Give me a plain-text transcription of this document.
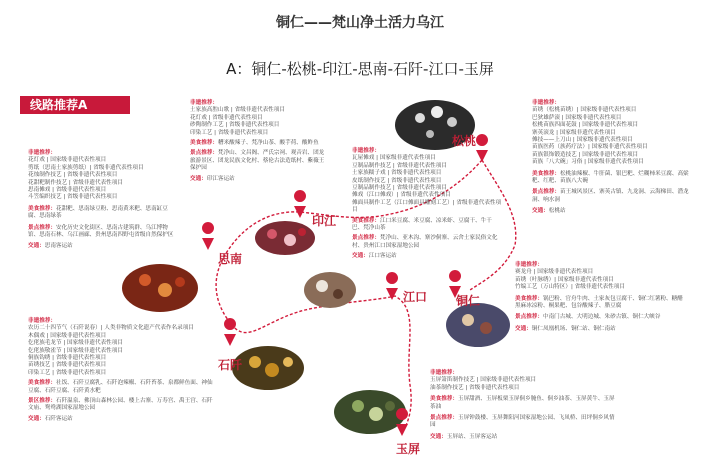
铜仁——梵山净土活力乌江
A：铜仁-松桃-印江-思南-石阡-江口-玉屏
线路推荐A
松桃
印江
思南
江口 铜仁
石阡
玉屏
非遗推荐：
土家族高腔山歌 | 省级非遗代表性项目
花灯戏 | 省级非遗代表性项目
砂陶制作工艺 | 省级非遗代表性项目
印染工艺 | 省级非遗代表性项目
美食推荐：糟米酸辣子、梵净山茶、酸芋荷、酸鲊鱼
景点推荐：梵净山、文昌阁、严氏宗祠、观音岩、团龙旅游景区、团龙民族文化村、蔡伦古法造纸村、紫薇王保护园
交通：印江客运站
非遗推荐：
花灯戏 | 国家级非遗代表性项目
剪纸（思南土家族剪纸）| 省级非遗代表性项目
花烛制作技艺 | 省级非遗代表性项目
花甜粑制作技艺 | 省级非遗代表性项目
思南傩戏 | 省级非遗代表性项目
斗笠编织技艺 | 省级非遗代表性项目
美食推荐：花甜粑、思南绿豆粉、思南黄米粑、思南缸豆腐、思南绿茶
景点推荐：安化历史文化街区、思南古建筑群、乌江博物馆、思南石林、乌江画廊、贵州思南四野屯省级自然保护区
交通：思南客运站
非遗推荐：
农历二十四节气（石阡说春）| 人类非物质文化遗产代表作名录项目
木偶戏 | 国家级非遗代表性项目
仡佬族毛龙节 | 国家级非遗代表性项目
仡佬族敬雀节 | 国家级非遗代表性项目
侗族钩绣 | 省级非遗代表性项目
苗绣技艺 | 省级非遗代表性项目
印染工艺 | 省级非遗代表性项目
美食推荐：社饭、石阡豆腐乳、石阡泡辣椒、石阡苔茶、泉都鲜鱼面、神仙豆腐、石阡豆腐、石阡黄水粑
景区推荐：石阡温泉、佛顶山森林公园、楼上古寨、万寿宫、禹王宫、石阡文庙、鸳鸯湖国家湿地公园
交通：石阡客运站
非遗推荐：
瓦屋傩戏 | 国家级非遗代表性项目
豆制品制作技艺 | 省级非遗代表性项目
土家族糯子戏 | 省级非遗代表性项目
皮纸制作技艺 | 省级非遗代表性项目
豆制品制作技艺 | 省级非遗代表性项目
傩戏（江口傩戏）| 省级非遗代表性项目
傩面具制作工艺（江口傩面具雕刻工艺）| 省级非遗代表性项目
美食推荐：江口米豆腐、米豆腐、凉米虾、豆腐干、牛干巴、梵净山茶
景点推荐：梵净山、亚木沟、寨沙侗寨、云舍土家民俗文化村、贵州江口国家湿地公园
交通：江口客运站
非遗推荐：
苗绣（松桃苗绣）| 国家级非遗代表性项目
巴狄雄萨滚 | 国家级非遗代表性项目
松桃苗族四面花鼓 | 国家级非遗代表性项目
寨英滚龙 | 国家级非遗代表性项目
傩技——上刀山 | 国家级非遗代表性项目
苗族医药（族药疗法）| 国家级非遗代表性项目
苗族银饰锻造技艺 | 国家级非遗代表性项目
苗族「八大碗」习俗 | 国家级非遗代表性项目
美食推荐：松桃油辣椒、牛肝菌、银巴粑、烂糊柿米豆腐、高粱粑、红粑、苗族八大碗
景点推荐：苗王城风景区、寨英古镇、九龙洞、云海梯田、潜龙洞、响水洞
交通：松桃站
非遗推荐：
赛龙舟 | 国家级非遗代表性项目
苗绣（叶脉绣）| 国家级非遗代表性项目
竹编工艺（万山特区）| 省级非遗代表性项目
美食推荐：锅巴粉、官舟牛肉、土家灰包豆腐干、铜仁红薯粉、糖醋黑麻冰凉粉、桐果粑、包谷酸辣子、腊豆腐
景点推荐：中南门古城、大明边城、朱砂古镇、铜仁大峡谷
交通：铜仁凤凰机场、铜仁站、铜仁南站
非遗推荐：
玉屏箫笛制作技艺 | 国家级非遗代表性项目
油茶制作技艺 | 省级非遗代表性项目
美食推荐：玉屏甜酒、玉屏板栗玉屏侗乡腌鱼、侗乡油茶、玉屏黄牛、玉屏茶油
景点推荐：玉屏钟鼓楼、玉屏舞阳河国家湿地公园、飞凤桥、田坪侗乡风情园
交通：玉屏站、玉屏客运站
